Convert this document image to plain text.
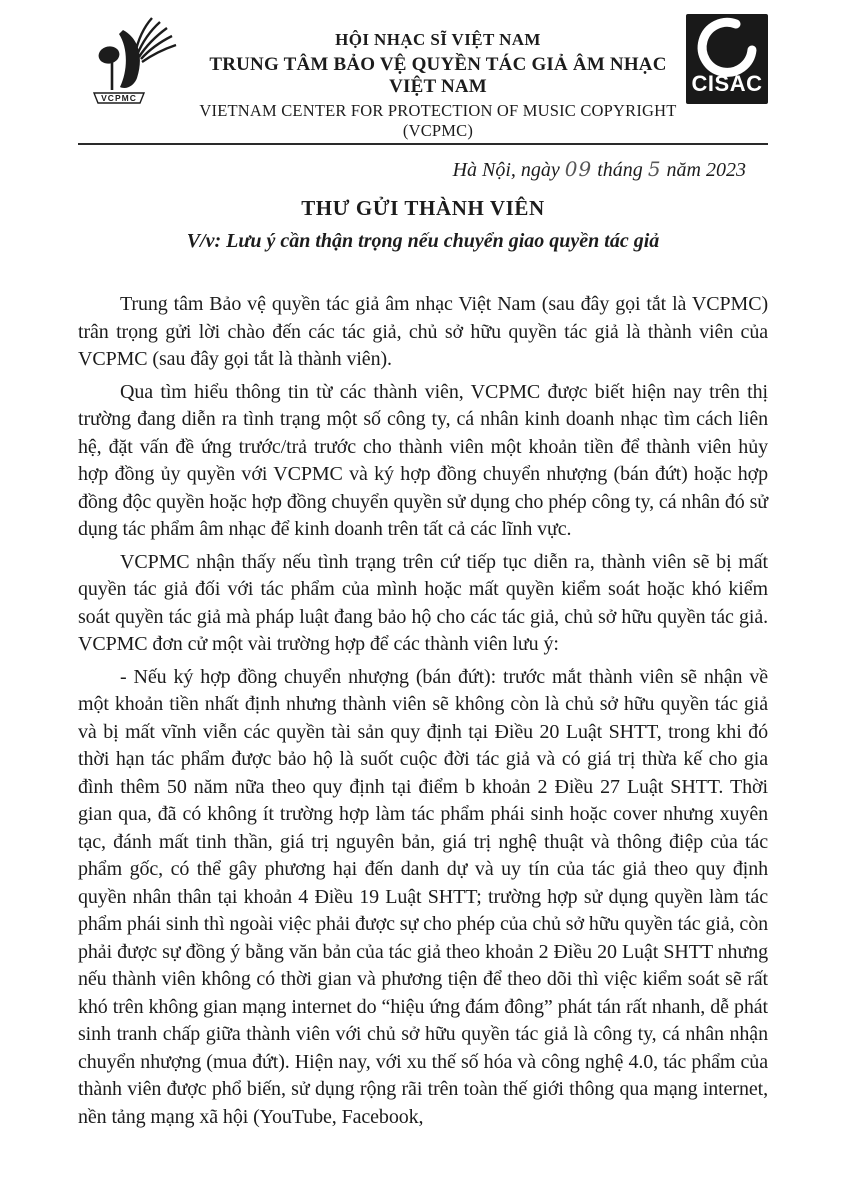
VCPMC
HỘI NHẠC SĨ VIỆT NAM
TRUNG TÂM BẢO VỆ QUYỀN TÁC GIẢ ÂM NHẠC VIỆT NAM
VIETNAM CENTER FOR PROTECTION OF MUSIC COPYRIGHT (VCPMC)
CISAC
Hà Nội, ngày 09 tháng 5 năm 2023
THƯ GỬI THÀNH VIÊN
V/v: Lưu ý cần thận trọng nếu chuyển giao quyền tác giả

Trung tâm Bảo vệ quyền tác giả âm nhạc Việt Nam (sau đây gọi tắt là VCPMC) trân trọng gửi lời chào đến các tác giả, chủ sở hữu quyền tác giả là thành viên của VCPMC (sau đây gọi tắt là thành viên).

Qua tìm hiểu thông tin từ các thành viên, VCPMC được biết hiện nay trên thị trường đang diễn ra tình trạng một số công ty, cá nhân kinh doanh nhạc tìm cách liên hệ, đặt vấn đề ứng trước/trả trước cho thành viên một khoản tiền để thành viên hủy hợp đồng ủy quyền với VCPMC và ký hợp đồng chuyển nhượng (bán đứt) hoặc hợp đồng độc quyền hoặc hợp đồng chuyển quyền sử dụng cho phép công ty, cá nhân đó sử dụng tác phẩm âm nhạc để kinh doanh trên tất cả các lĩnh vực.

VCPMC nhận thấy nếu tình trạng trên cứ tiếp tục diễn ra, thành viên sẽ bị mất quyền tác giả đối với tác phẩm của mình hoặc mất quyền kiểm soát hoặc khó kiểm soát quyền tác giả mà pháp luật đang bảo hộ cho các tác giả, chủ sở hữu quyền tác giả. VCPMC đơn cử một vài trường hợp để các thành viên lưu ý:

- Nếu ký hợp đồng chuyển nhượng (bán đứt): trước mắt thành viên sẽ nhận về một khoản tiền nhất định nhưng thành viên sẽ không còn là chủ sở hữu quyền tác giả và bị mất vĩnh viễn các quyền tài sản quy định tại Điều 20 Luật SHTT, trong khi đó thời hạn tác phẩm được bảo hộ là suốt cuộc đời tác giả và có giá trị thừa kế cho gia đình thêm 50 năm nữa theo quy định tại điểm b khoản 2 Điều 27 Luật SHTT. Thời gian qua, đã có không ít trường hợp làm tác phẩm phái sinh hoặc cover nhưng xuyên tạc, đánh mất tinh thần, giá trị nguyên bản, giá trị nghệ thuật và thông điệp của tác phẩm gốc, có thể gây phương hại đến danh dự và uy tín của tác giả theo quy định quyền nhân thân tại khoản 4 Điều 19 Luật SHTT; trường hợp sử dụng quyền làm tác phẩm phái sinh thì ngoài việc phải được sự cho phép của chủ sở hữu quyền tác giả, còn phải được sự đồng ý bằng văn bản của tác giả theo khoản 2 Điều 20 Luật SHTT nhưng nếu thành viên không có thời gian và phương tiện để theo dõi thì việc kiểm soát sẽ rất khó trên không gian mạng internet do “hiệu ứng đám đông” phát tán rất nhanh, dễ phát sinh tranh chấp giữa thành viên với chủ sở hữu quyền tác giả là công ty, cá nhân nhận chuyển nhượng (mua đứt). Hiện nay, với xu thế số hóa và công nghệ 4.0, tác phẩm của thành viên được phổ biến, sử dụng rộng rãi trên toàn thế giới thông qua mạng internet, nền tảng mạng xã hội (YouTube, Facebook,
